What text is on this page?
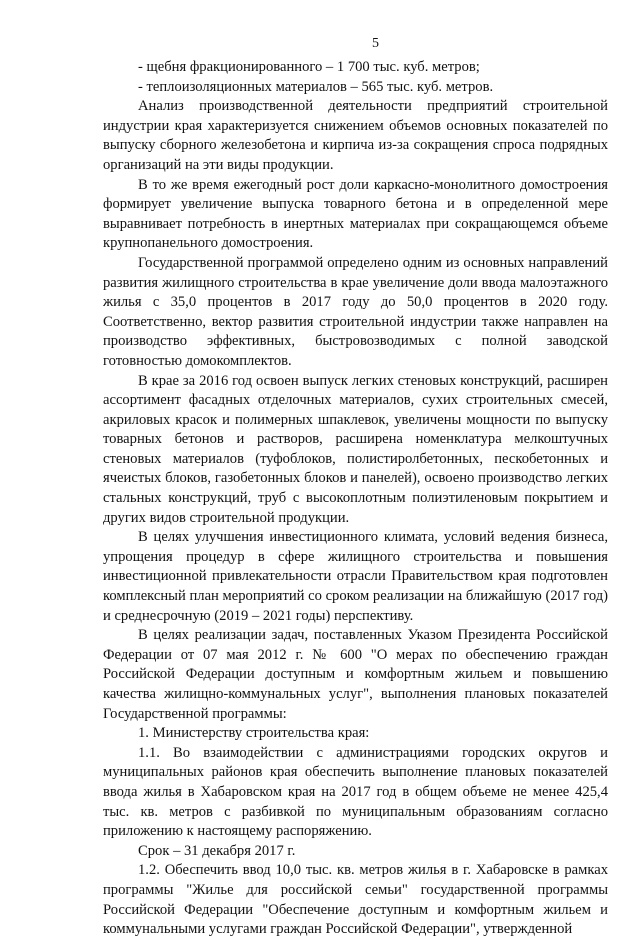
5

- щебня фракционированного – 1 700 тыс. куб. метров;

- теплоизоляционных материалов – 565 тыс. куб. метров.

Анализ производственной деятельности предприятий строительной индустрии края характеризуется снижением объемов основных показателей по выпуску сборного железобетона и кирпича из-за сокращения спроса подрядных организаций на эти виды продукции.

В то же время ежегодный рост доли каркасно-монолитного домостроения формирует увеличение выпуска товарного бетона и в определенной мере выравнивает потребность в инертных материалах при сокращающемся объеме крупнопанельного домостроения.

Государственной программой определено одним из основных направлений развития жилищного строительства в крае увеличение доли ввода малоэтажного жилья с 35,0 процентов в 2017 году до 50,0 процентов в 2020 году. Соответственно, вектор развития строительной индустрии также направлен на производство эффективных, быстровозводимых с полной заводской готовностью домокомплектов.

В крае за 2016 год освоен выпуск легких стеновых конструкций, расширен ассортимент фасадных отделочных материалов, сухих строительных смесей, акриловых красок и полимерных шпаклевок, увеличены мощности по выпуску товарных бетонов и растворов, расширена номенклатура мелкоштучных стеновых материалов (туфоблоков, полистиролбетонных, пескобетонных и ячеистых блоков, газобетонных блоков и панелей), освоено производство легких стальных конструкций, труб с высокоплотным полиэтиленовым покрытием и других видов строительной продукции.

В целях улучшения инвестиционного климата, условий ведения бизнеса, упрощения процедур в сфере жилищного строительства и повышения инвестиционной привлекательности отрасли Правительством края подготовлен комплексный план мероприятий со сроком реализации на ближайшую (2017 год) и среднесрочную (2019 – 2021 годы) перспективу.

В целях реализации задач, поставленных Указом Президента Российской Федерации от 07 мая 2012 г. № 600 "О мерах по обеспечению граждан Российской Федерации доступным и комфортным жильем и повышению качества жилищно-коммунальных услуг", выполнения плановых показателей Государственной программы:

1. Министерству строительства края:

1.1. Во взаимодействии с администрациями городских округов и муниципальных районов края обеспечить выполнение плановых показателей ввода жилья в Хабаровском края на 2017 год в общем объеме не менее 425,4 тыс. кв. метров с разбивкой по муниципальным образованиям согласно приложению к настоящему распоряжению.

Срок – 31 декабря 2017 г.

1.2. Обеспечить ввод 10,0 тыс. кв. метров жилья в г. Хабаровске в рамках программы "Жилье для российской семьи" государственной программы Российской Федерации "Обеспечение доступным и комфортным жильем и коммунальными услугами граждан Российской Федерации", утвержденной
